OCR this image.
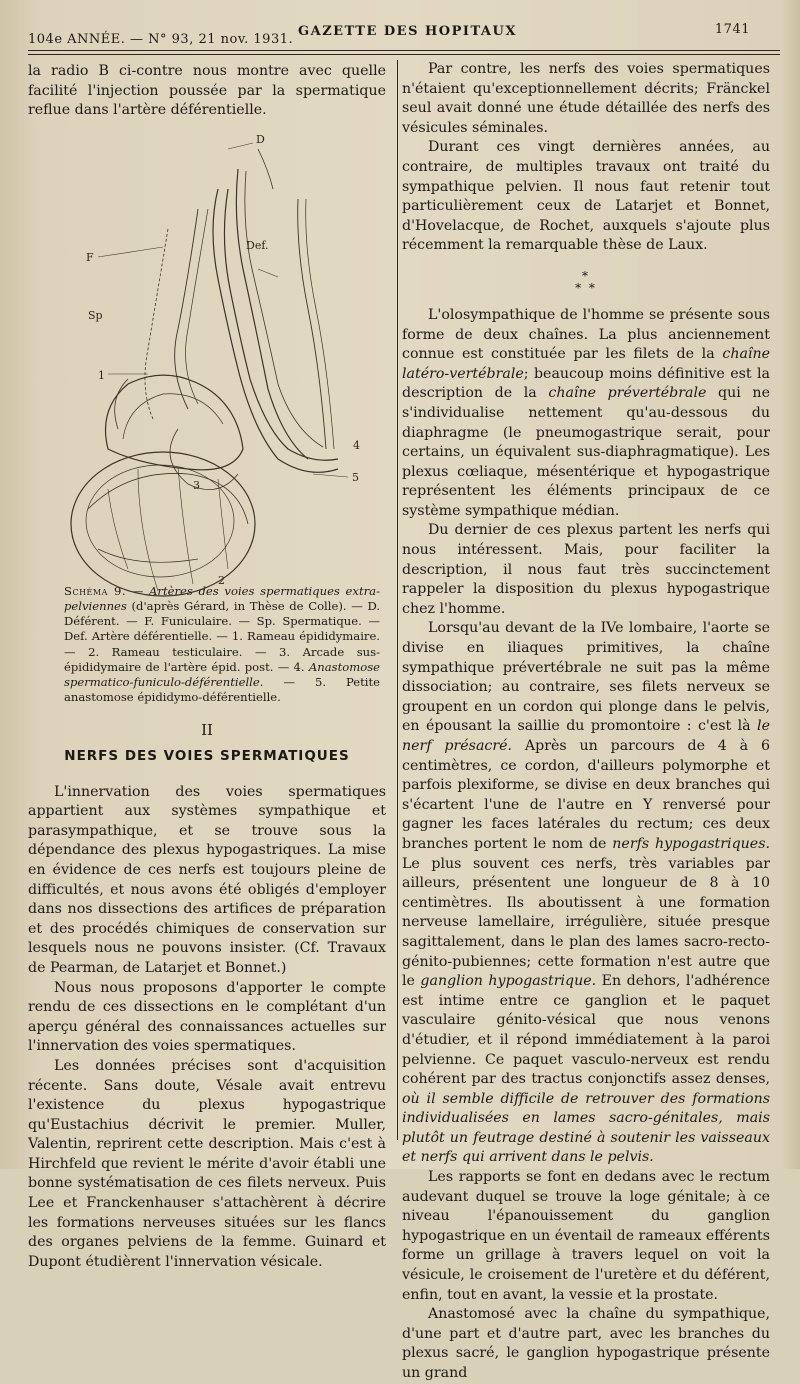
104e ANNÉE. — N° 93, 21 nov. 1931.
GAZETTE DES HOPITAUX	1741

la radio B ci-contre nous montre avec quelle facilité l'injection poussée par la spermatique reflue dans l'artère déférentielle.

D
F
Sp
Def.
1
2
3
4
5
Schéma 9. — Artères des voies spermatiques extra-pelviennes (d'après Gérard, in Thèse de Colle). — D. Déférent. — F. Funiculaire. — Sp. Spermatique. — Def. Artère déférentielle. — 1. Rameau épididymaire. — 2. Rameau testiculaire. — 3. Arcade sus-épididymaire de l'artère épid. post. — 4. Anastomose spermatico-funiculo-déférentielle. — 5. Petite anastomose épididymo-déférentielle.
II
NERFS DES VOIES SPERMATIQUES

L'innervation des voies spermatiques appartient aux systèmes sympathique et parasympathique, et se trouve sous la dépendance des plexus hypogastriques. La mise en évidence de ces nerfs est toujours pleine de difficultés, et nous avons été obligés d'employer dans nos dissections des artifices de préparation et des procédés chimiques de conservation sur lesquels nous ne pouvons insister. (Cf. Travaux de Pearman, de Latarjet et Bonnet.)

Nous nous proposons d'apporter le compte rendu de ces dissections en le complétant d'un aperçu général des connaissances actuelles sur l'innervation des voies spermatiques.

Les données précises sont d'acquisition récente. Sans doute, Vésale avait entrevu l'existence du plexus hypogastrique qu'Eustachius décrivit le premier. Muller, Valentin, reprirent cette description. Mais c'est à Hirchfeld que revient le mérite d'avoir établi une bonne systématisation de ces filets nerveux. Puis Lee et Franckenhauser s'attachèrent à décrire les formations nerveuses situées sur les flancs des organes pelviens de la femme. Guinard et Dupont étudièrent l'innervation vésicale.

Par contre, les nerfs des voies spermatiques n'étaient qu'exceptionnellement décrits; Fränckel seul avait donné une étude détaillée des nerfs des vésicules séminales.

Durant ces vingt dernières années, au contraire, de multiples travaux ont traité du sympathique pelvien. Il nous faut retenir tout particulièrement ceux de Latarjet et Bonnet, d'Hovelacque, de Rochet, auxquels s'ajoute plus récemment la remarquable thèse de Laux.

*
* *

L'olosympathique de l'homme se présente sous forme de deux chaînes. La plus anciennement connue est constituée par les filets de la chaîne latéro-vertébrale; beaucoup moins définitive est la description de la chaîne prévertébrale qui ne s'individualise nettement qu'au-dessous du diaphragme (le pneumogastrique serait, pour certains, un équivalent sus-diaphragmatique). Les plexus cœliaque, mésentérique et hypogastrique représentent les éléments principaux de ce système sympathique médian.

Du dernier de ces plexus partent les nerfs qui nous intéressent. Mais, pour faciliter la description, il nous faut très succinctement rappeler la disposition du plexus hypogastrique chez l'homme.

Lorsqu'au devant de la IVe lombaire, l'aorte se divise en iliaques primitives, la chaîne sympathique prévertébrale ne suit pas la même dissociation; au contraire, ses filets nerveux se groupent en un cordon qui plonge dans le pelvis, en épousant la saillie du promontoire : c'est là le nerf présacré. Après un parcours de 4 à 6 centimètres, ce cordon, d'ailleurs polymorphe et parfois plexiforme, se divise en deux branches qui s'écartent l'une de l'autre en Y renversé pour gagner les faces latérales du rectum; ces deux branches portent le nom de nerfs hypogastriques. Le plus souvent ces nerfs, très variables par ailleurs, présentent une longueur de 8 à 10 centimètres. Ils aboutissent à une formation nerveuse lamellaire, irrégulière, située presque sagittalement, dans le plan des lames sacro-recto-génito-pubiennes; cette formation n'est autre que le ganglion hypogastrique. En dehors, l'adhérence est intime entre ce ganglion et le paquet vasculaire génito-vésical que nous venons d'étudier, et il répond immédiatement à la paroi pelvienne. Ce paquet vasculo-nerveux est rendu cohérent par des tractus conjonctifs assez denses, où il semble difficile de retrouver des formations individualisées en lames sacro-génitales, mais plutôt un feutrage destiné à soutenir les vaisseaux et nerfs qui arrivent dans le pelvis.

Les rapports se font en dedans avec le rectum audevant duquel se trouve la loge génitale; à ce niveau l'épanouissement du ganglion hypogastrique en un éventail de rameaux efférents forme un grillage à travers lequel on voit la vésicule, le croisement de l'uretère et du déférent, enfin, tout en avant, la vessie et la prostate.

Anastomosé avec la chaîne du sympathique, d'une part et d'autre part, avec les branches du plexus sacré, le ganglion hypogastrique présente un grand
